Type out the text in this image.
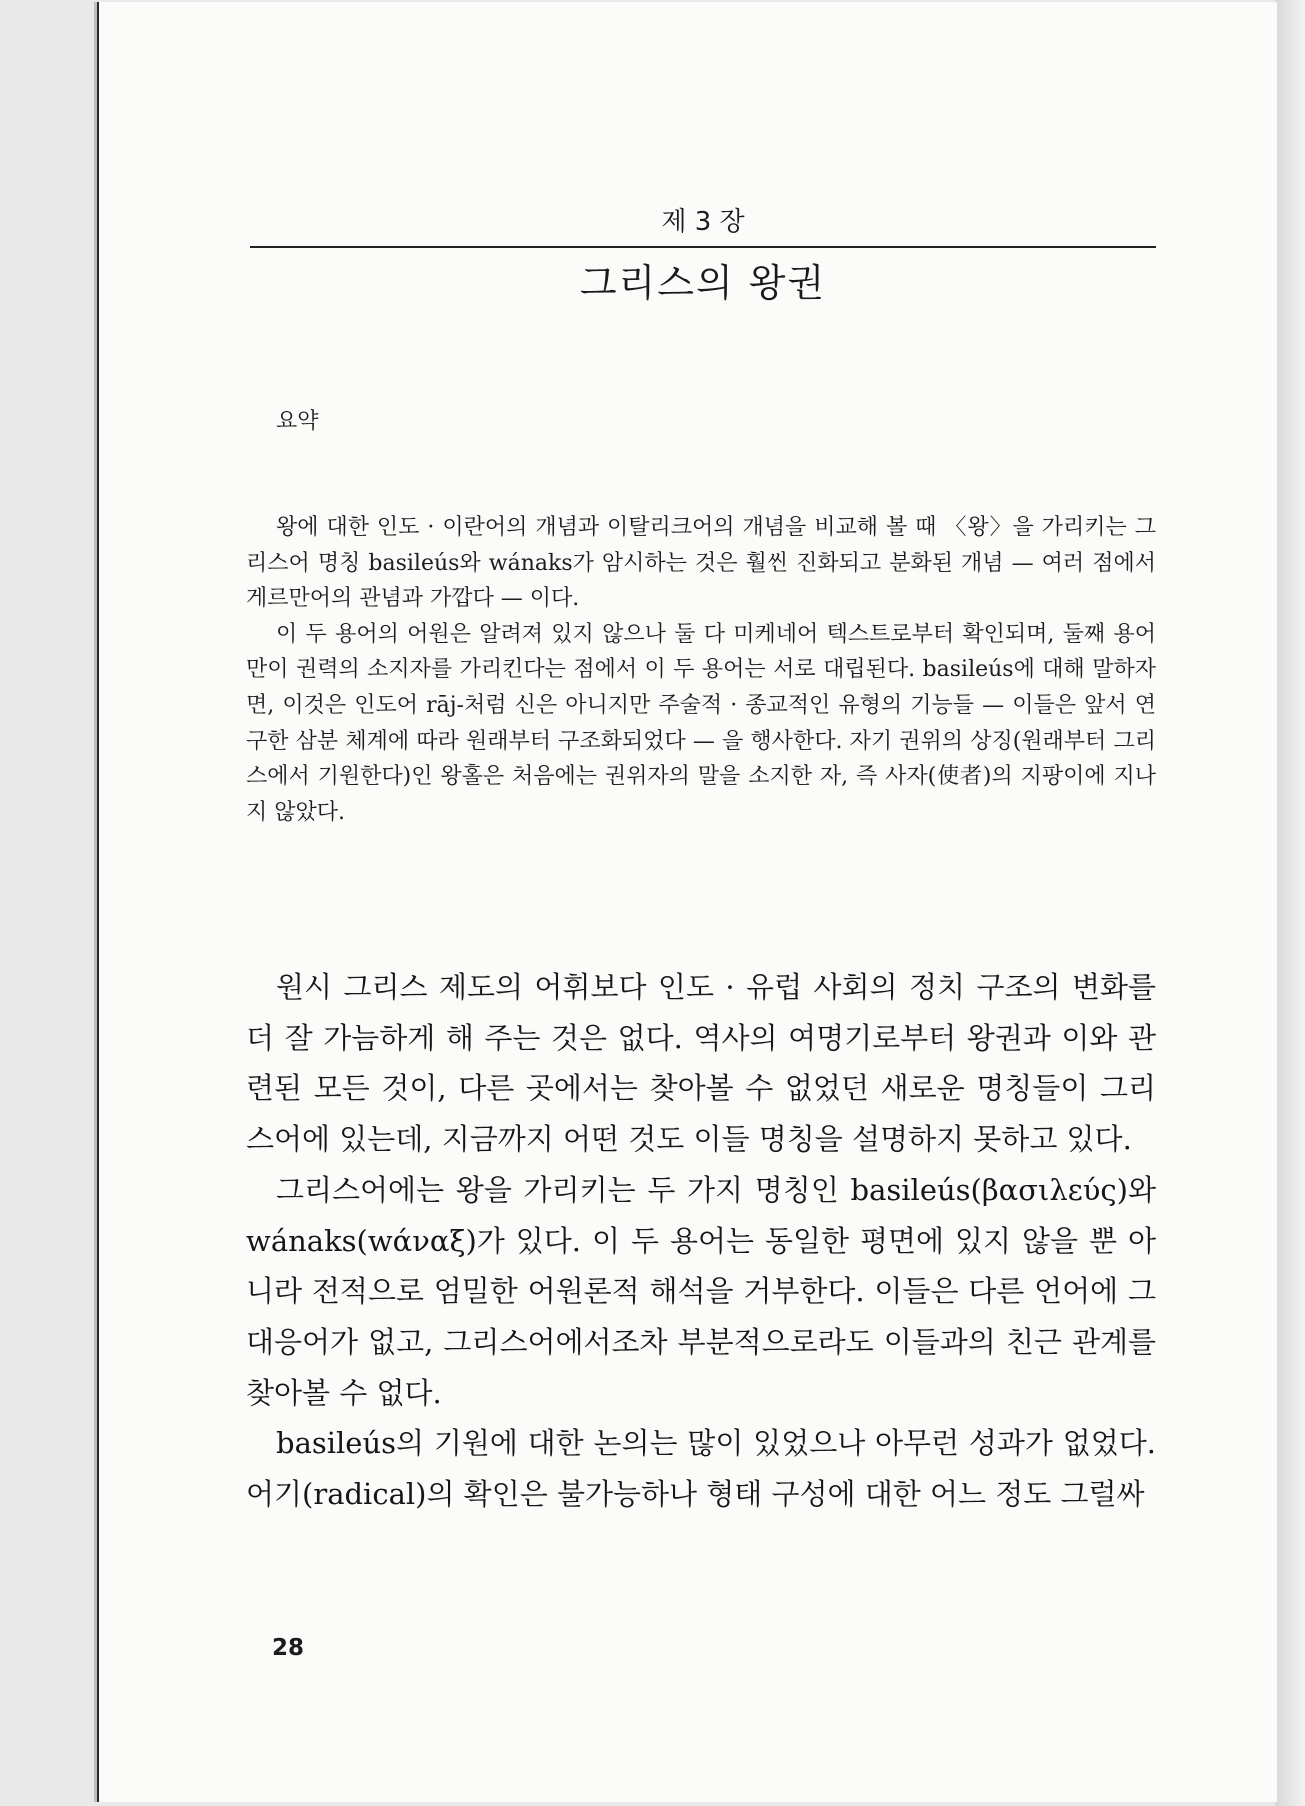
제 3 장
그리스의 왕권
요약

왕에 대한 인도 · 이란어의 개념과 이탈리크어의 개념을 비교해 볼 때 〈왕〉을 가리키는 그리스어 명칭 basileús와 wánaks가 암시하는 것은 훨씬 진화되고 분화된 개념 — 여러 점에서 게르만어의 관념과 가깝다 — 이다.

이 두 용어의 어원은 알려져 있지 않으나 둘 다 미케네어 텍스트로부터 확인되며, 둘째 용어만이 권력의 소지자를 가리킨다는 점에서 이 두 용어는 서로 대립된다. basileús에 대해 말하자면, 이것은 인도어 rāj-처럼 신은 아니지만 주술적 · 종교적인 유형의 기능들 — 이들은 앞서 연구한 삼분 체계에 따라 원래부터 구조화되었다 — 을 행사한다. 자기 권위의 상징(원래부터 그리스에서 기원한다)인 왕홀은 처음에는 권위자의 말을 소지한 자, 즉 사자(使者)의 지팡이에 지나지 않았다.

원시 그리스 제도의 어휘보다 인도 · 유럽 사회의 정치 구조의 변화를 더 잘 가늠하게 해 주는 것은 없다. 역사의 여명기로부터 왕권과 이와 관련된 모든 것이, 다른 곳에서는 찾아볼 수 없었던 새로운 명칭들이 그리스어에 있는데, 지금까지 어떤 것도 이들 명칭을 설명하지 못하고 있다.

그리스어에는 왕을 가리키는 두 가지 명칭인 basileús(βασιλεύς)와 wánaks(wάναξ)가 있다. 이 두 용어는 동일한 평면에 있지 않을 뿐 아니라 전적으로 엄밀한 어원론적 해석을 거부한다. 이들은 다른 언어에 그 대응어가 없고, 그리스어에서조차 부분적으로라도 이들과의 친근 관계를 찾아볼 수 없다.

basileús의 기원에 대한 논의는 많이 있었으나 아무런 성과가 없었다. 어기(radical)의 확인은 불가능하나 형태 구성에 대한 어느 정도 그럴싸

28
